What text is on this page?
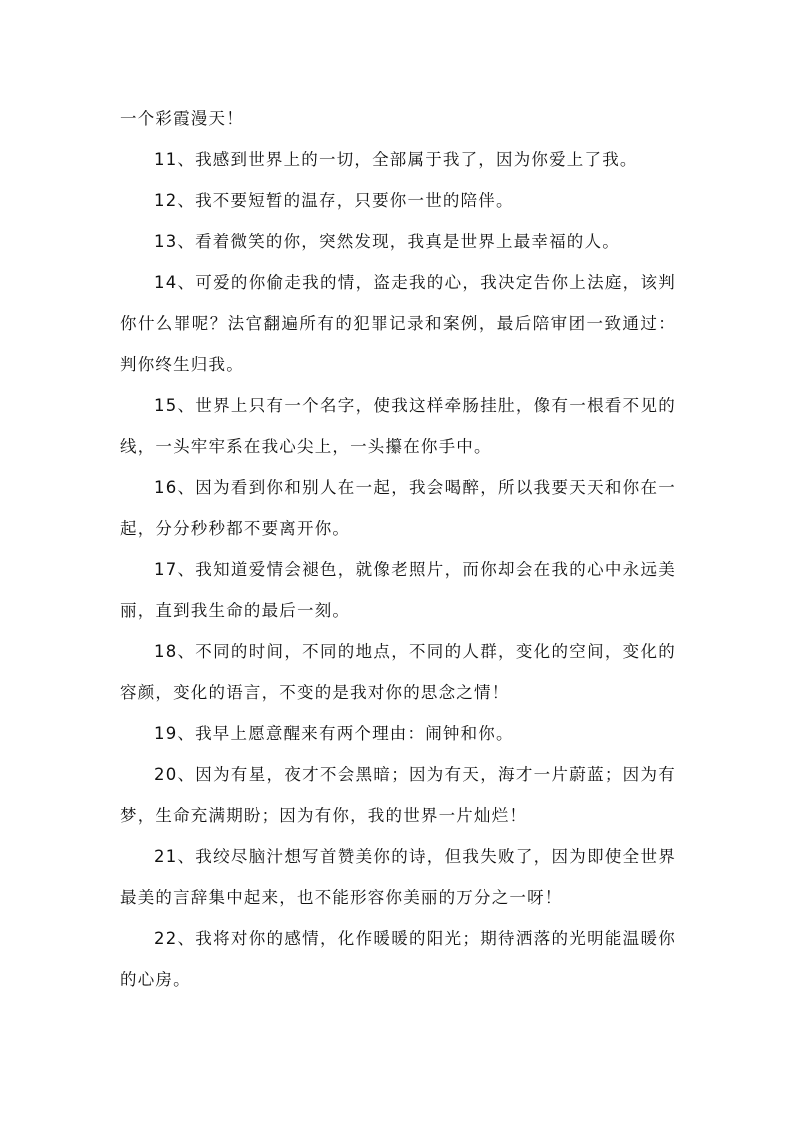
一个彩霞漫天！

11、我感到世界上的一切，全部属于我了，因为你爱上了我。

12、我不要短暂的温存，只要你一世的陪伴。

13、看着微笑的你，突然发现，我真是世界上最幸福的人。

14、可爱的你偷走我的情，盗走我的心，我决定告你上法庭，该判你什么罪呢？法官翻遍所有的犯罪记录和案例，最后陪审团一致通过：判你终生归我。

15、世界上只有一个名字，使我这样牵肠挂肚，像有一根看不见的线，一头牢牢系在我心尖上，一头攥在你手中。

16、因为看到你和别人在一起，我会喝醉，所以我要天天和你在一起，分分秒秒都不要离开你。

17、我知道爱情会褪色，就像老照片，而你却会在我的心中永远美丽，直到我生命的最后一刻。

18、不同的时间，不同的地点，不同的人群，变化的空间，变化的容颜，变化的语言，不变的是我对你的思念之情！

19、我早上愿意醒来有两个理由：闹钟和你。

20、因为有星，夜才不会黑暗；因为有天，海才一片蔚蓝；因为有梦，生命充满期盼；因为有你，我的世界一片灿烂！

21、我绞尽脑汁想写首赞美你的诗，但我失败了，因为即使全世界最美的言辞集中起来，也不能形容你美丽的万分之一呀！

22、我将对你的感情，化作暖暖的阳光；期待洒落的光明能温暖你的心房。
